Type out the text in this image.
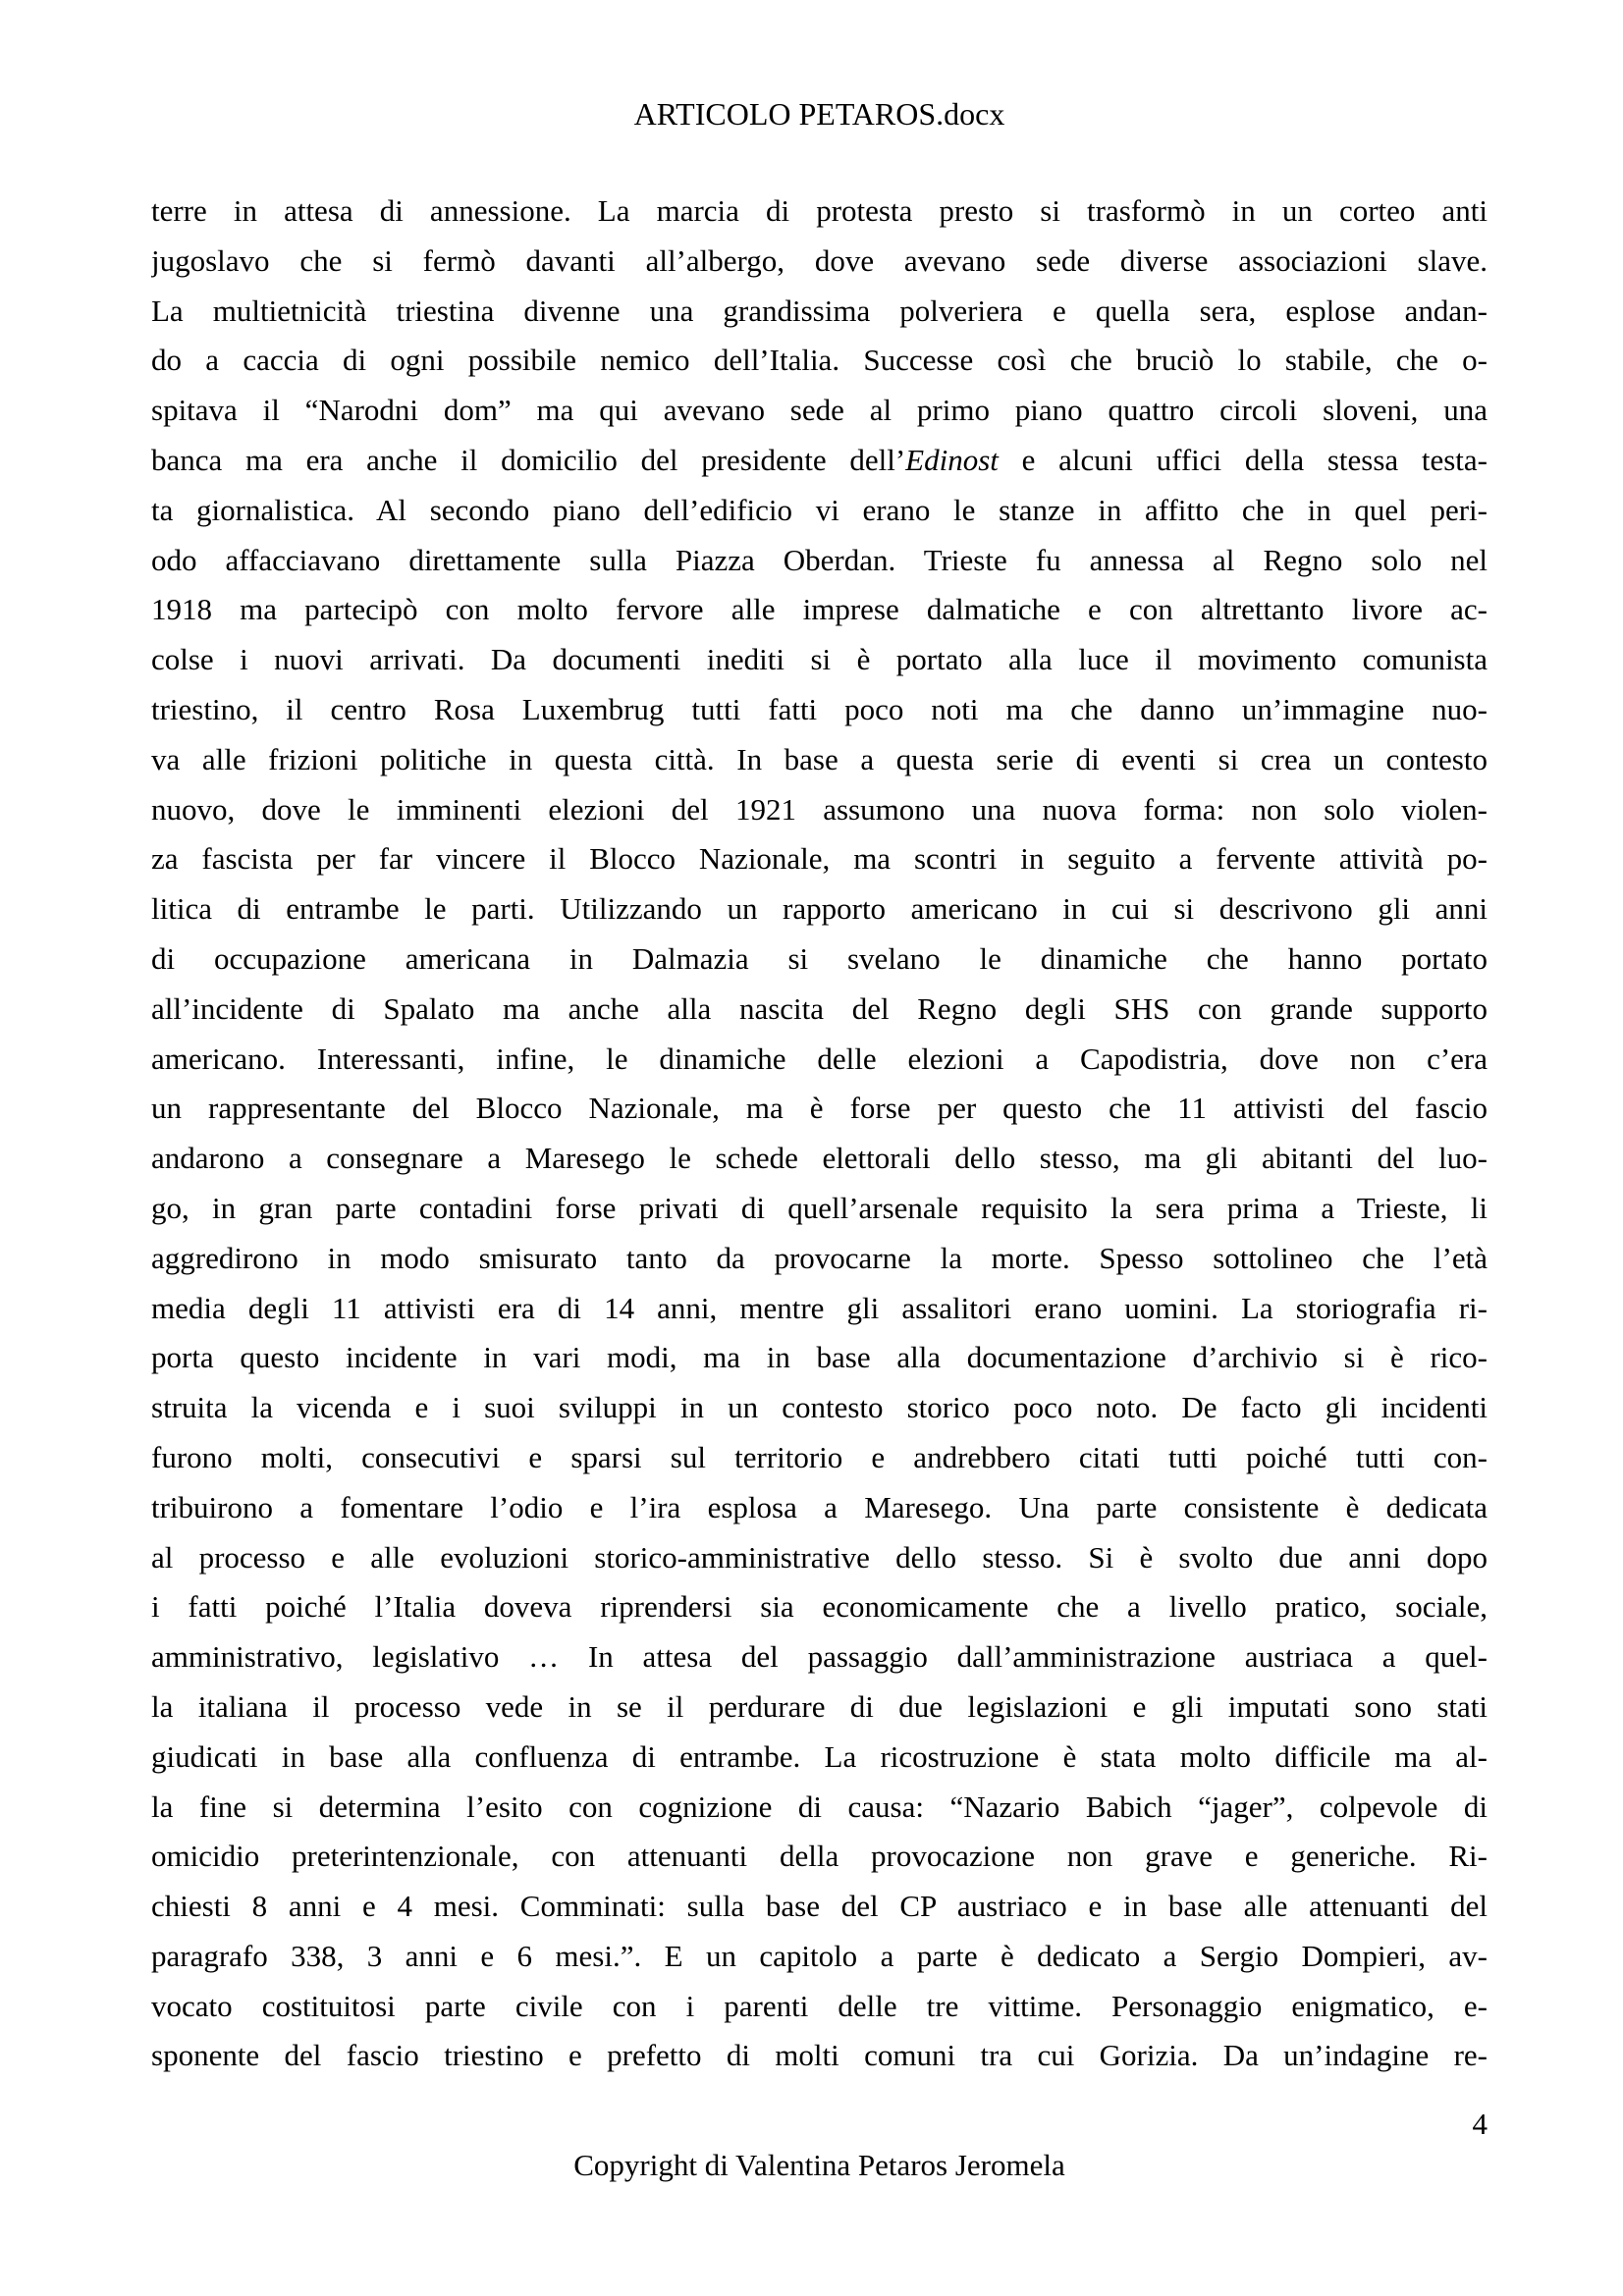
ARTICOLO PETAROS.docx
terre in attesa di annessione. La marcia di protesta presto si trasformò in un corteo anti
jugoslavo che si fermò davanti all’albergo, dove avevano sede diverse associazioni slave.
La multietnicità triestina divenne una grandissima polveriera e quella sera, esplose andan-
do a caccia di ogni possibile nemico dell’Italia. Successe così che bruciò lo stabile, che o-
spitava il “Narodni dom” ma qui avevano sede al primo piano quattro circoli sloveni, una
banca ma era anche il domicilio del presidente dell’Edinost e alcuni uffici della stessa testa-
ta giornalistica. Al secondo piano dell’edificio vi erano le stanze in affitto che in quel peri-
odo affacciavano direttamente sulla Piazza Oberdan. Trieste fu annessa al Regno solo nel
1918 ma partecipò con molto fervore alle imprese dalmatiche e con altrettanto livore ac-
colse i nuovi arrivati. Da documenti inediti si è portato alla luce il movimento comunista
triestino, il centro Rosa Luxembrug tutti fatti poco noti ma che danno un’immagine nuo-
va alle frizioni politiche in questa città. In base a questa serie di eventi si crea un contesto
nuovo, dove le imminenti elezioni del 1921 assumono una nuova forma: non solo violen-
za fascista per far vincere il Blocco Nazionale, ma scontri in seguito a fervente attività po-
litica di entrambe le parti. Utilizzando un rapporto americano in cui si descrivono gli anni
di occupazione americana in Dalmazia si svelano le dinamiche che hanno portato
all’incidente di Spalato ma anche alla nascita del Regno degli SHS con grande supporto
americano. Interessanti, infine, le dinamiche delle elezioni a Capodistria, dove non c’era
un rappresentante del Blocco Nazionale, ma è forse per questo che 11 attivisti del fascio
andarono a consegnare a Maresego le schede elettorali dello stesso, ma gli abitanti del luo-
go, in gran parte contadini forse privati di quell’arsenale requisito la sera prima a Trieste, li
aggredirono in modo smisurato tanto da provocarne la morte. Spesso sottolineo che l’età
media degli 11 attivisti era di 14 anni, mentre gli assalitori erano uomini. La storiografia ri-
porta questo incidente in vari modi, ma in base alla documentazione d’archivio si è rico-
struita la vicenda e i suoi sviluppi in un contesto storico poco noto. De facto gli incidenti
furono molti, consecutivi e sparsi sul territorio e andrebbero citati tutti poiché tutti con-
tribuirono a fomentare l’odio e l’ira esplosa a Maresego. Una parte consistente è dedicata
al processo e alle evoluzioni storico-amministrative dello stesso. Si è svolto due anni dopo
i fatti poiché l’Italia doveva riprendersi sia economicamente che a livello pratico, sociale,
amministrativo, legislativo … In attesa del passaggio dall’amministrazione austriaca a quel-
la italiana il processo vede in se il perdurare di due legislazioni e gli imputati sono stati
giudicati in base alla confluenza di entrambe. La ricostruzione è stata molto difficile ma al-
la fine si determina l’esito con cognizione di causa: “Nazario Babich “jager”, colpevole di
omicidio preterintenzionale, con attenuanti della provocazione non grave e generiche. Ri-
chiesti 8 anni e 4 mesi. Comminati: sulla base del CP austriaco e in base alle attenuanti del
paragrafo 338, 3 anni e 6 mesi.”. E un capitolo a parte è dedicato a Sergio Dompieri, av-
vocato costituitosi parte civile con i parenti delle tre vittime. Personaggio enigmatico, e-
sponente del fascio triestino e prefetto di molti comuni tra cui Gorizia. Da un’indagine re-
4
Copyright di Valentina Petaros Jeromela
